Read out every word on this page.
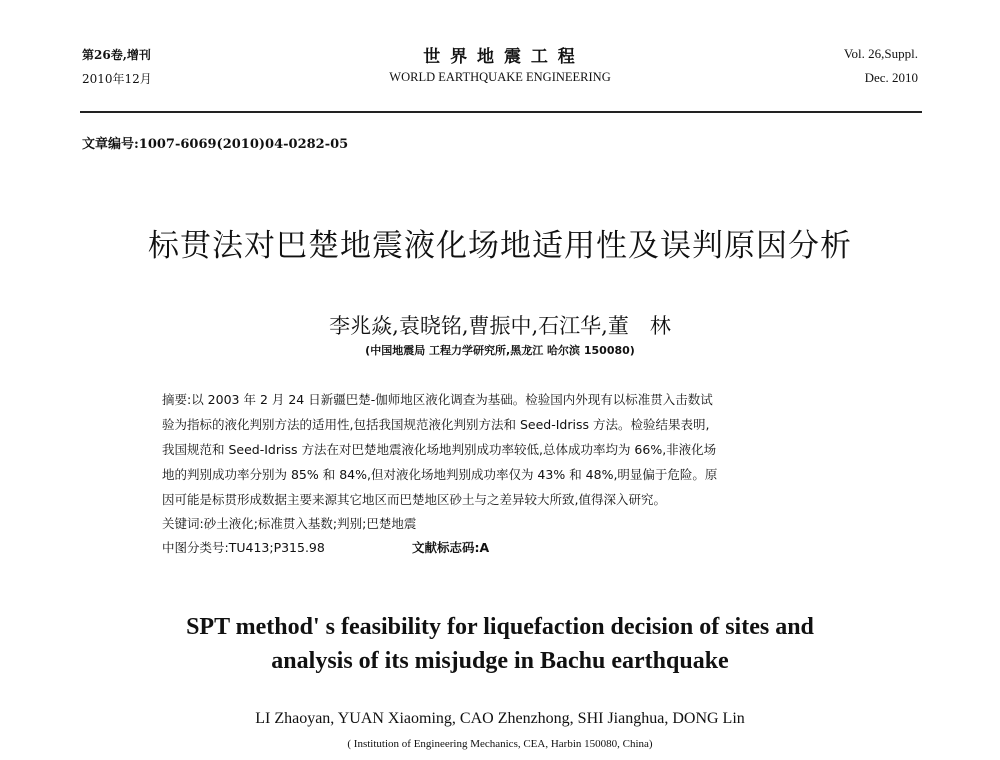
第26卷,增刊
2010年12月
世 界 地 震 工 程
WORLD EARTHQUAKE ENGINEERING
Vol. 26,Suppl.
Dec. 2010
文章编号:1007-6069(2010)04-0282-05
标贯法对巴楚地震液化场地适用性及误判原因分析
李兆焱,袁晓铭,曹振中,石江华,董　林
(中国地震局 工程力学研究所,黑龙江 哈尔滨 150080)
摘要:以 2003 年 2 月 24 日新疆巴楚-伽师地区液化调查为基础。检验国内外现有以标准贯入击数试
验为指标的液化判别方法的适用性,包括我国规范液化判别方法和 Seed-Idriss 方法。检验结果表明,
我国规范和 Seed-Idriss 方法在对巴楚地震液化场地判别成功率较低,总体成功率均为 66%,非液化场
地的判别成功率分别为 85% 和 84%,但对液化场地判别成功率仅为 43% 和 48%,明显偏于危险。原
因可能是标贯形成数据主要来源其它地区而巴楚地区砂土与之差异较大所致,值得深入研究。
关键词:砂土液化;标准贯入基数;判别;巴楚地震
中图分类号:TU413;P315.98	文献标志码:A
SPT method' s feasibility for liquefaction decision of sites and
analysis of its misjudge in Bachu earthquake
LI Zhaoyan, YUAN Xiaoming, CAO Zhenzhong, SHI Jianghua, DONG Lin
( Institution of Engineering Mechanics, CEA, Harbin 150080, China)
